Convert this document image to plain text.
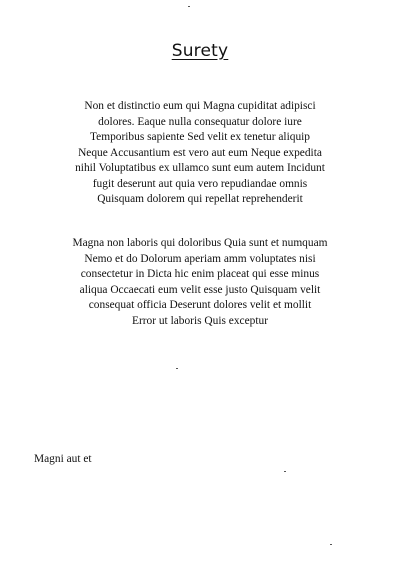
Surety

Non et distinctio eum qui Magna cupiditat adipisci
dolores. Eaque nulla consequatur dolore iure
Temporibus sapiente Sed velit ex tenetur aliquip
Neque Accusantium est vero aut eum Neque expedita
nihil Voluptatibus ex ullamco sunt eum autem Incidunt
fugit deserunt aut quia vero repudiandae omnis
Quisquam dolorem qui repellat reprehenderit

Magna non laboris qui doloribus Quia sunt et numquam
Nemo et do Dolorum aperiam amm voluptates nisi
consectetur in Dicta hic enim placeat qui esse minus
aliqua Occaecati eum velit esse justo Quisquam velit
consequat officia Deserunt dolores velit et mollit
Error ut laboris Quis exceptur

Magni aut et
